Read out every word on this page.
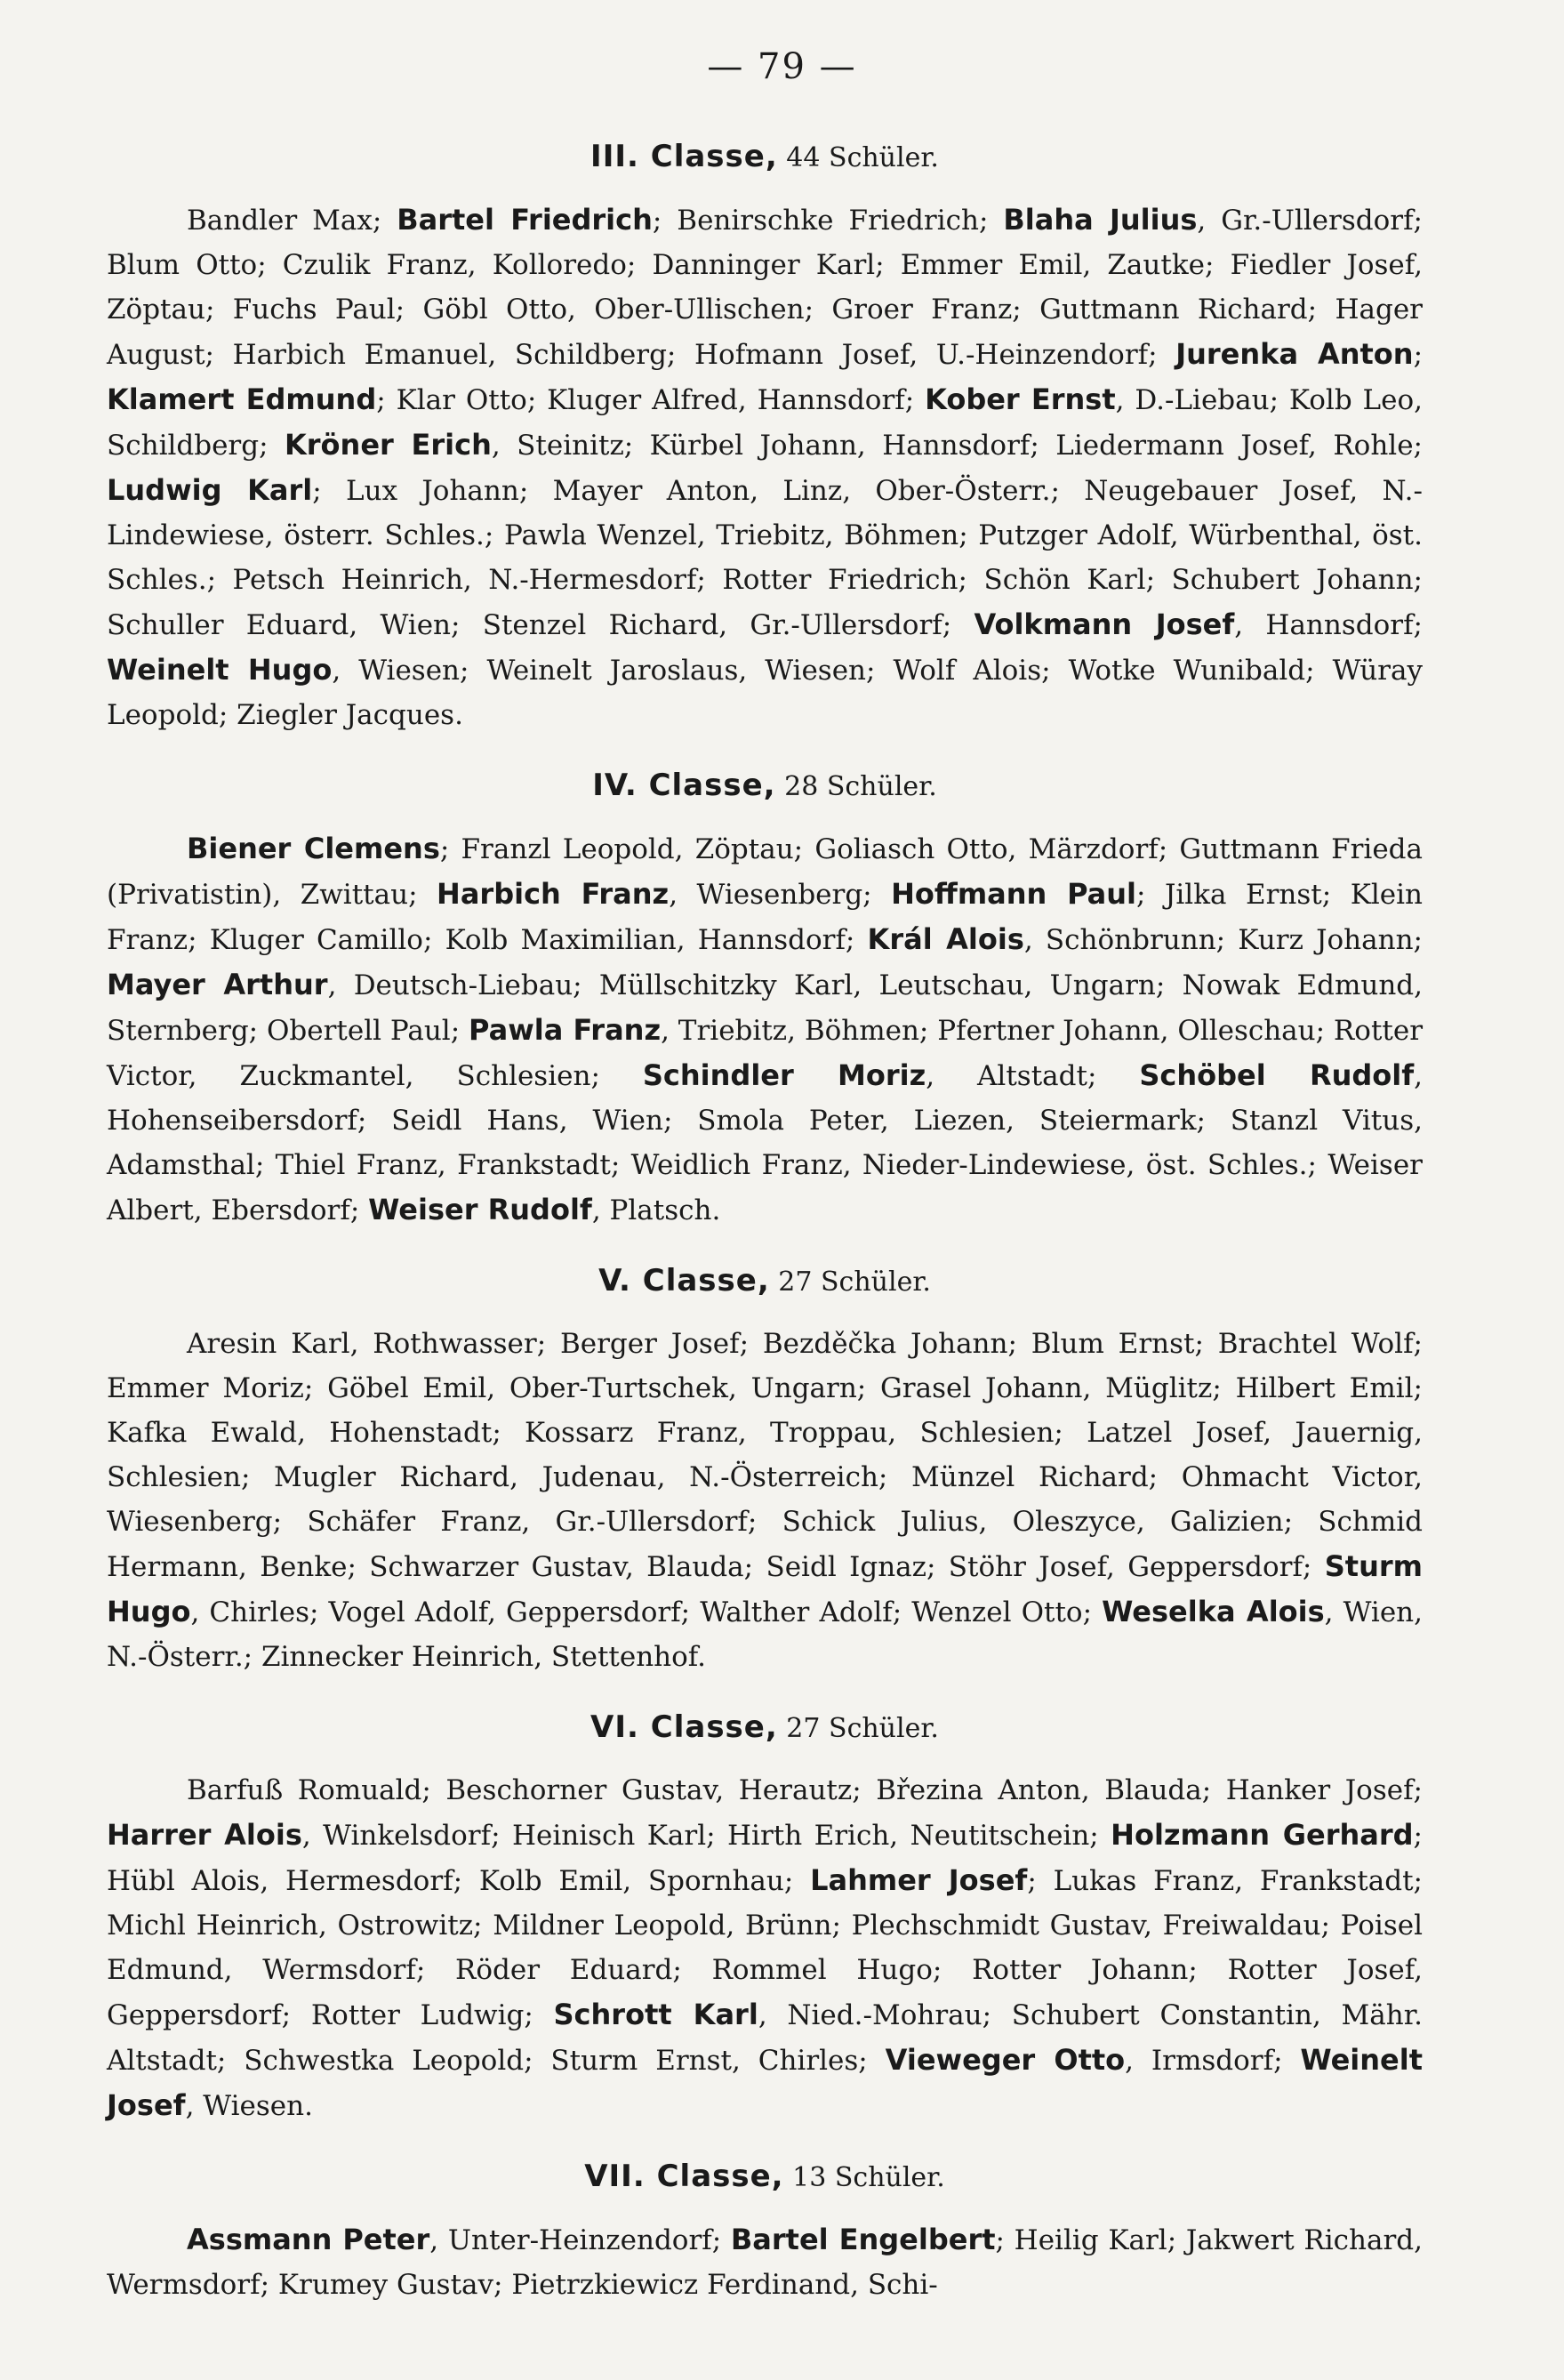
— 79 —
III. Classe, 44 Schüler.

Bandler Max; Bartel Friedrich; Benirschke Friedrich; Blaha Julius, Gr.-Ullersdorf; Blum Otto; Czulik Franz, Kolloredo; Danninger Karl; Emmer Emil, Zautke; Fiedler Josef, Zöptau; Fuchs Paul; Göbl Otto, Ober-Ullischen; Groer Franz; Guttmann Richard; Hager August; Harbich Emanuel, Schildberg; Hofmann Josef, U.-Heinzendorf; Jurenka Anton; Klamert Edmund; Klar Otto; Kluger Alfred, Hannsdorf; Kober Ernst, D.-Liebau; Kolb Leo, Schildberg; Kröner Erich, Steinitz; Kürbel Johann, Hannsdorf; Liedermann Josef, Rohle; Ludwig Karl; Lux Johann; Mayer Anton, Linz, Ober-Österr.; Neugebauer Josef, N.-Lindewiese, österr. Schles.; Pawla Wenzel, Triebitz, Böhmen; Putzger Adolf, Würbenthal, öst. Schles.; Petsch Heinrich, N.-Hermesdorf; Rotter Friedrich; Schön Karl; Schubert Johann; Schuller Eduard, Wien; Stenzel Richard, Gr.-Ullersdorf; Volkmann Josef, Hannsdorf; Weinelt Hugo, Wiesen; Weinelt Jaroslaus, Wiesen; Wolf Alois; Wotke Wunibald; Würay Leopold; Ziegler Jacques.

IV. Classe, 28 Schüler.

Biener Clemens; Franzl Leopold, Zöptau; Goliasch Otto, Märzdorf; Guttmann Frieda (Privatistin), Zwittau; Harbich Franz, Wiesenberg; Hoffmann Paul; Jilka Ernst; Klein Franz; Kluger Camillo; Kolb Maximilian, Hannsdorf; Král Alois, Schönbrunn; Kurz Johann; Mayer Arthur, Deutsch-Liebau; Müllschitzky Karl, Leutschau, Ungarn; Nowak Edmund, Sternberg; Obertell Paul; Pawla Franz, Triebitz, Böhmen; Pfertner Johann, Olleschau; Rotter Victor, Zuckmantel, Schlesien; Schindler Moriz, Altstadt; Schöbel Rudolf, Hohenseibersdorf; Seidl Hans, Wien; Smola Peter, Liezen, Steiermark; Stanzl Vitus, Adamsthal; Thiel Franz, Frankstadt; Weidlich Franz, Nieder-Lindewiese, öst. Schles.; Weiser Albert, Ebersdorf; Weiser Rudolf, Platsch.

V. Classe, 27 Schüler.

Aresin Karl, Rothwasser; Berger Josef; Bezděčka Johann; Blum Ernst; Brachtel Wolf; Emmer Moriz; Göbel Emil, Ober-Turtschek, Ungarn; Grasel Johann, Müglitz; Hilbert Emil; Kafka Ewald, Hohenstadt; Kossarz Franz, Troppau, Schlesien; Latzel Josef, Jauernig, Schlesien; Mugler Richard, Judenau, N.-Österreich; Münzel Richard; Ohmacht Victor, Wiesenberg; Schäfer Franz, Gr.-Ullersdorf; Schick Julius, Oleszyce, Galizien; Schmid Hermann, Benke; Schwarzer Gustav, Blauda; Seidl Ignaz; Stöhr Josef, Geppersdorf; Sturm Hugo, Chirles; Vogel Adolf, Geppersdorf; Walther Adolf; Wenzel Otto; Weselka Alois, Wien, N.-Österr.; Zinnecker Heinrich, Stettenhof.

VI. Classe, 27 Schüler.

Barfuß Romuald; Beschorner Gustav, Herautz; Březina Anton, Blauda; Hanker Josef; Harrer Alois, Winkelsdorf; Heinisch Karl; Hirth Erich, Neutitschein; Holzmann Gerhard; Hübl Alois, Hermesdorf; Kolb Emil, Spornhau; Lahmer Josef; Lukas Franz, Frankstadt; Michl Heinrich, Ostrowitz; Mildner Leopold, Brünn; Plechschmidt Gustav, Freiwaldau; Poisel Edmund, Wermsdorf; Röder Eduard; Rommel Hugo; Rotter Johann; Rotter Josef, Geppersdorf; Rotter Ludwig; Schrott Karl, Nied.-Mohrau; Schubert Constantin, Mähr. Altstadt; Schwestka Leopold; Sturm Ernst, Chirles; Vieweger Otto, Irmsdorf; Weinelt Josef, Wiesen.

VII. Classe, 13 Schüler.

Assmann Peter, Unter-Heinzendorf; Bartel Engelbert; Heilig Karl; Jakwert Richard, Wermsdorf; Krumey Gustav; Pietrzkiewicz Ferdinand, Schi-
